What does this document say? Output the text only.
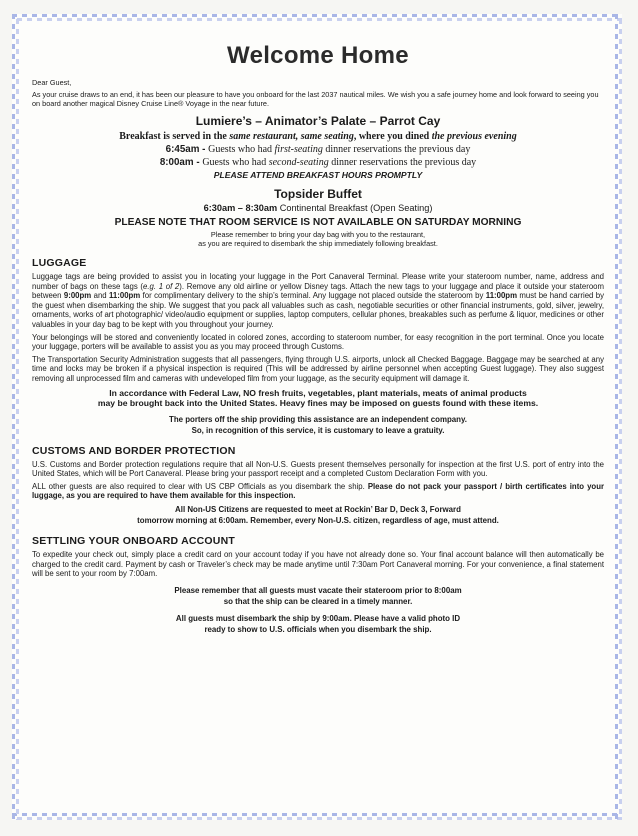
Welcome Home
Dear Guest,
As your cruise draws to an end, it has been our pleasure to have you onboard for the last 2037 nautical miles. We wish you a safe journey home and look forward to seeing you on board another magical Disney Cruise Line® Voyage in the near future.
Lumiere’s – Animator’s Palate – Parrot Cay
Breakfast is served in the same restaurant, same seating, where you dined the previous evening
6:45am - Guests who had first-seating dinner reservations the previous day
8:00am - Guests who had second-seating dinner reservations the previous day
PLEASE ATTEND BREAKFAST HOURS PROMPTLY
Topsider Buffet
6:30am – 8:30am Continental Breakfast (Open Seating)
PLEASE NOTE THAT ROOM SERVICE IS NOT AVAILABLE ON SATURDAY MORNING
Please remember to bring your day bag with you to the restaurant,
as you are required to disembark the ship immediately following breakfast.
LUGGAGE
Luggage tags are being provided to assist you in locating your luggage in the Port Canaveral Terminal. Please write your stateroom number, name, address and number of bags on these tags (e.g. 1 of 2). Remove any old airline or yellow Disney tags. Attach the new tags to your luggage and place it outside your stateroom between 9:00pm and 11:00pm for complimentary delivery to the ship’s terminal. Any luggage not placed outside the stateroom by 11:00pm must be hand carried by the guest when disembarking the ship. We suggest that you pack all valuables such as cash, negotiable securities or other financial instruments, gold, silver, jewelry, ornaments, works of art photographic/ video/audio equipment or supplies, laptop computers, cellular phones, breakables such as perfume & liquor, medicines or other valuables in your day bag to be kept with you throughout your journey.
Your belongings will be stored and conveniently located in colored zones, according to stateroom number, for easy recognition in the port terminal. Once you locate your luggage, porters will be available to assist you as you may proceed through Customs.
The Transportation Security Administration suggests that all passengers, flying through U.S. airports, unlock all Checked Baggage. Baggage may be searched at any time and locks may be broken if a physical inspection is required (This will be addressed by airline personnel when accepting Guest luggage). They also suggest removing all unprocessed film and cameras with undeveloped film from your luggage, as the security equipment will damage it.
In accordance with Federal Law, NO fresh fruits, vegetables, plant materials, meats of animal products
may be brought back into the United States. Heavy fines may be imposed on guests found with these items.
The porters off the ship providing this assistance are an independent company.
So, in recognition of this service, it is customary to leave a gratuity.
CUSTOMS AND BORDER PROTECTION
U.S. Customs and Border protection regulations require that all Non-U.S. Guests present themselves personally for inspection at the first U.S. port of entry into the United States, which will be Port Canaveral. Please bring your passport receipt and a completed Custom Declaration Form with you.
ALL other guests are also required to clear with US CBP Officials as you disembark the ship. Please do not pack your passport / birth certificates into your luggage, as you are required to have them available for this inspection.
All Non-US Citizens are requested to meet at Rockin’ Bar D, Deck 3, Forward
tomorrow morning at 6:00am. Remember, every Non-U.S. citizen, regardless of age, must attend.
SETTLING YOUR ONBOARD ACCOUNT
To expedite your check out, simply place a credit card on your account today if you have not already done so. Your final account balance will then automatically be charged to the credit card. Payment by cash or Traveler’s check may be made anytime until 7:30am Port Canaveral morning. For your convenience, a final statement will be sent to your room by 7:00am.
Please remember that all guests must vacate their stateroom prior to 8:00am
so that the ship can be cleared in a timely manner.
All guests must disembark the ship by 9:00am. Please have a valid photo ID
ready to show to U.S. officials when you disembark the ship.
